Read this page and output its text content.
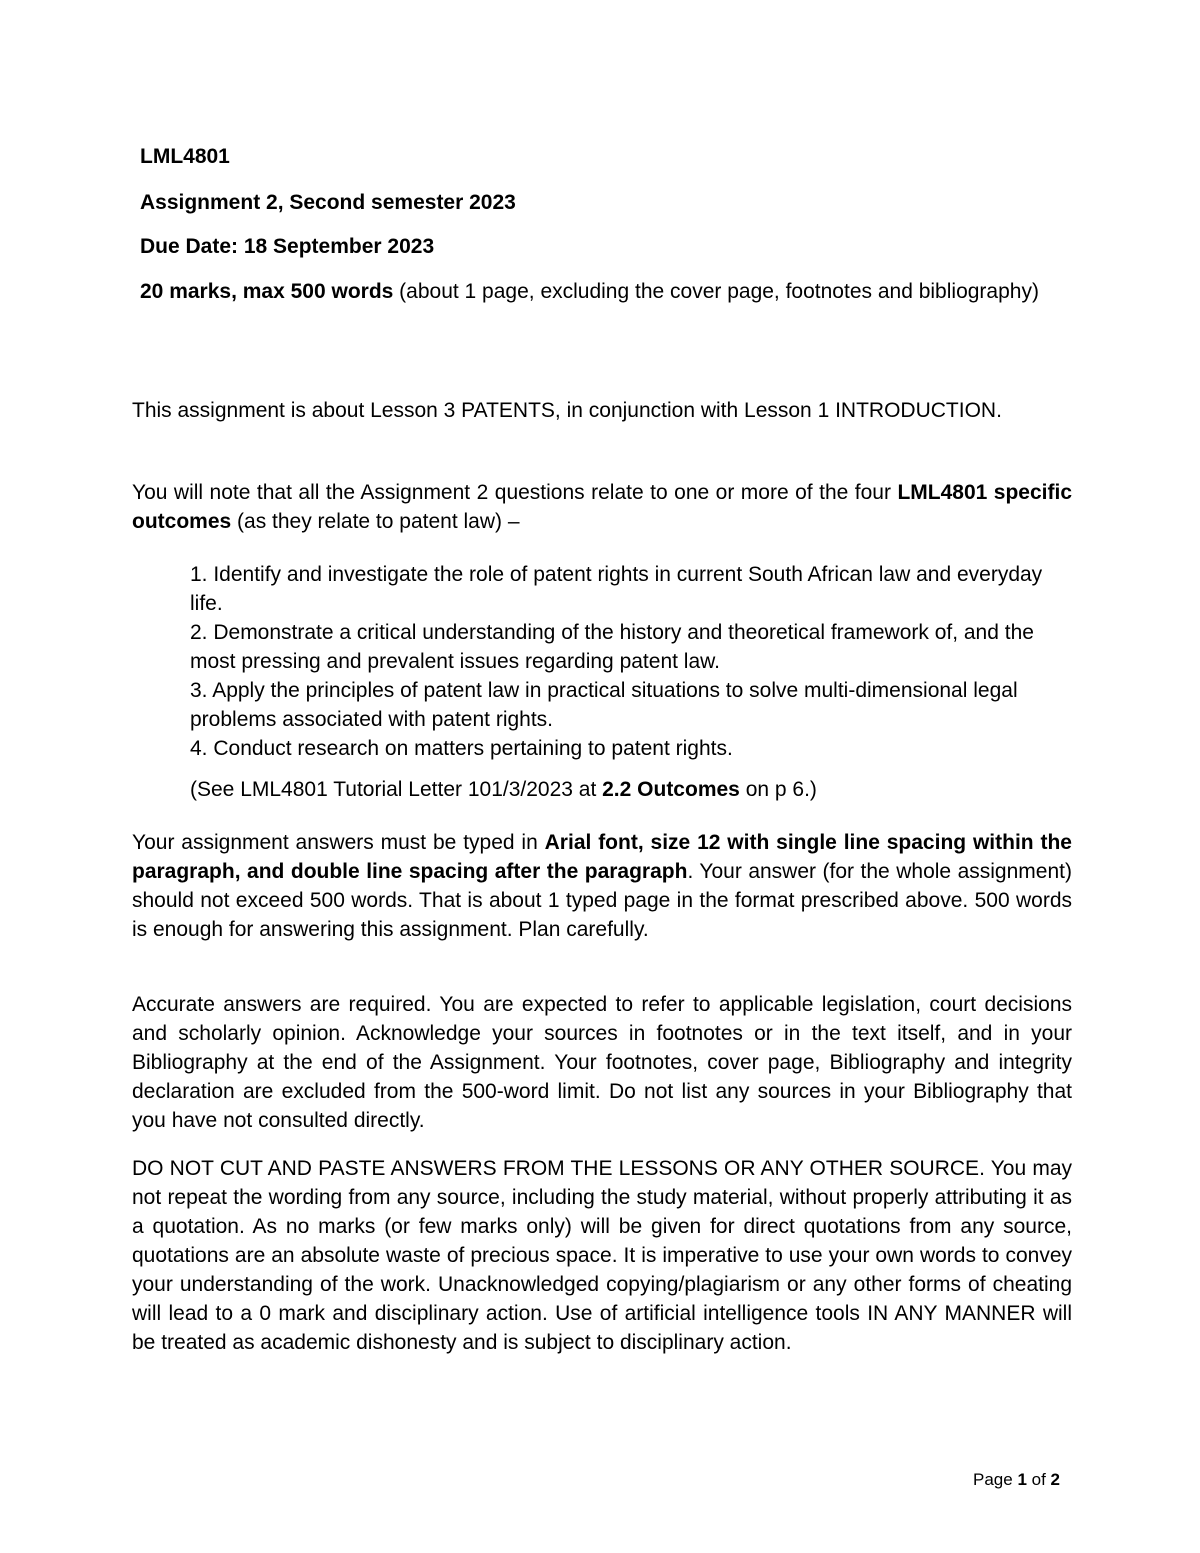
LML4801

Assignment 2, Second semester 2023

Due Date: 18 September 2023

20 marks, max 500 words (about 1 page, excluding the cover page, footnotes and bibliography)

This assignment is about Lesson 3 PATENTS, in conjunction with Lesson 1 INTRODUCTION.

You will note that all the Assignment 2 questions relate to one or more of the four LML4801 specific outcomes (as they relate to patent law) –

1. Identify and investigate the role of patent rights in current South African law and everyday life.
2. Demonstrate a critical understanding of the history and theoretical framework of, and the most pressing and prevalent issues regarding patent law.
3. Apply the principles of patent law in practical situations to solve multi-dimensional legal problems associated with patent rights.
4. Conduct research on matters pertaining to patent rights.

(See LML4801 Tutorial Letter 101/3/2023 at 2.2 Outcomes on p 6.)

Your assignment answers must be typed in Arial font, size 12 with single line spacing within the paragraph, and double line spacing after the paragraph. Your answer (for the whole assignment) should not exceed 500 words. That is about 1 typed page in the format prescribed above. 500 words is enough for answering this assignment. Plan carefully.

Accurate answers are required. You are expected to refer to applicable legislation, court decisions and scholarly opinion. Acknowledge your sources in footnotes or in the text itself, and in your Bibliography at the end of the Assignment. Your footnotes, cover page, Bibliography and integrity declaration are excluded from the 500-word limit. Do not list any sources in your Bibliography that you have not consulted directly.

DO NOT CUT AND PASTE ANSWERS FROM THE LESSONS OR ANY OTHER SOURCE. You may not repeat the wording from any source, including the study material, without properly attributing it as a quotation. As no marks (or few marks only) will be given for direct quotations from any source, quotations are an absolute waste of precious space. It is imperative to use your own words to convey your understanding of the work. Unacknowledged copying/plagiarism or any other forms of cheating will lead to a 0 mark and disciplinary action. Use of artificial intelligence tools IN ANY MANNER will be treated as academic dishonesty and is subject to disciplinary action.

Page 1 of 2
